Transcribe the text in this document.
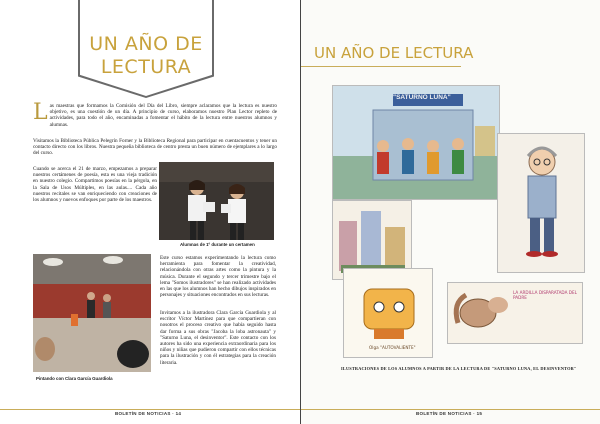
UN AÑO DE LECTURA
L as maestras que formamos la Comisión del Día del Libro, siempre aclaramos que la lectura es nuestro objetivo, es una cuestión de un día. A principio de curso, elaboramos nuestro Plan Lector repleto de actividades, para todo el año, encaminadas a fomentar el hábito de la lectura entre nuestros alumnos y alumnas.
Visitamos la Biblioteca Pública Pelegrín Forner y la Biblioteca Regional para participar en cuentacuentos y tener un contacto directo con los libros. Nuestra pequeña biblioteca de centro presta un buen número de ejemplares a lo largo del curso.
Cuando se acerca el 21 de marzo, empezamos a preparar nuestros certámenes de poesía, esta es una vieja tradición en nuestro colegio. Compartimos poesías en la pérgola, en la Sala de Usos Múltiples, en las aulas.... Cada año nuestros recitales se van enriqueciendo con creaciones de los alumnos y nuevos enfoques por parte de los maestros.
Alumnas de 1º durante un certamen
Pintando con Clara García Guardiola
Este curso estamos experimentando la lectura como herramienta para fomentar la creatividad, relacionándola con otras artes como la pintura y la música. Durante el segundo y tercer trimestre bajo el lema "Somos ilustradores" se han realizado actividades en las que los alumnos han hecho dibujos inspirados en personajes y situaciones encontrados en sus lecturas.
Invitamos a la ilustradora Clara García Guardiola y al escritor Víctor Martínez para que compartieran con nosotros el proceso creativo que había seguido hasta dar forma a sus obras "Jacoba la loba astronauta" y "Saturno Luna, el desinventor". Este contacto con los autores ha sido una experiencia extraordinaria para los niños y niñas que pudieron compartir con ellos técnicas para la ilustración y con él estrategias para la creación literaria.
BOLETÍN DE NOTICIAS · 14
UN AÑO DE LECTURA
"SATURNO LUNA"
Olga "AUTOVALIENTE"
LA ARDILLA DISPARATADA DEL PADRE
ILUSTRACIONES DE LOS ALUMNOS A PARTIR DE LA LECTURA DE "SATURNO LUNA, EL DESINVENTOR"
BOLETÍN DE NOTICIAS · 15
